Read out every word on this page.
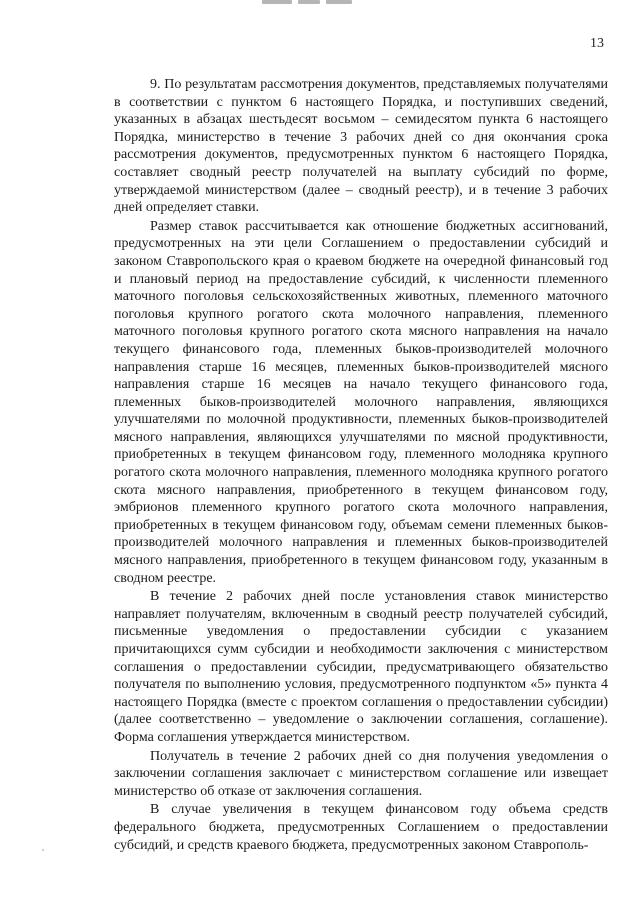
13

9. По результатам рассмотрения документов, представляемых получателями в соответствии с пунктом 6 настоящего Порядка, и поступивших сведений, указанных в абзацах шестьдесят восьмом – семидесятом пункта 6 настоящего Порядка, министерство в течение 3 рабочих дней со дня окончания срока рассмотрения документов, предусмотренных пунктом 6 настоящего Порядка, составляет сводный реестр получателей на выплату субсидий по форме, утверждаемой министерством (далее – сводный реестр), и в течение 3 рабочих дней определяет ставки.

Размер ставок рассчитывается как отношение бюджетных ассигнований, предусмотренных на эти цели Соглашением о предоставлении субсидий и законом Ставропольского края о краевом бюджете на очередной финансовый год и плановый период на предоставление субсидий, к численности племенного маточного поголовья сельскохозяйственных животных, племенного маточного поголовья крупного рогатого скота молочного направления, племенного маточного поголовья крупного рогатого скота мясного направления на начало текущего финансового года, племенных быков-производителей молочного направления старше 16 месяцев, племенных быков-производителей мясного направления старше 16 месяцев на начало текущего финансового года, племенных быков-производителей молочного направления, являющихся улучшателями по молочной продуктивности, племенных быков-производителей мясного направления, являющихся улучшателями по мясной продуктивности, приобретенных в текущем финансовом году, племенного молодняка крупного рогатого скота молочного направления, племенного молодняка крупного рогатого скота мясного направления, приобретенного в текущем финансовом году, эмбрионов племенного крупного рогатого скота молочного направления, приобретенных в текущем финансовом году, объемам семени племенных быков-производителей молочного направления и племенных быков-производителей мясного направления, приобретенного в текущем финансовом году, указанным в сводном реестре.

В течение 2 рабочих дней после установления ставок министерство направляет получателям, включенным в сводный реестр получателей субсидий, письменные уведомления о предоставлении субсидии с указанием причитающихся сумм субсидии и необходимости заключения с министерством соглашения о предоставлении субсидии, предусматривающего обязательство получателя по выполнению условия, предусмотренного подпунктом «5» пункта 4 настоящего Порядка (вместе с проектом соглашения о предоставлении субсидии) (далее соответственно – уведомление о заключении соглашения, соглашение). Форма соглашения утверждается министерством.

Получатель в течение 2 рабочих дней со дня получения уведомления о заключении соглашения заключает с министерством соглашение или извещает министерство об отказе от заключения соглашения.

В случае увеличения в текущем финансовом году объема средств федерального бюджета, предусмотренных Соглашением о предоставлении субсидий, и средств краевого бюджета, предусмотренных законом Ставрополь-
